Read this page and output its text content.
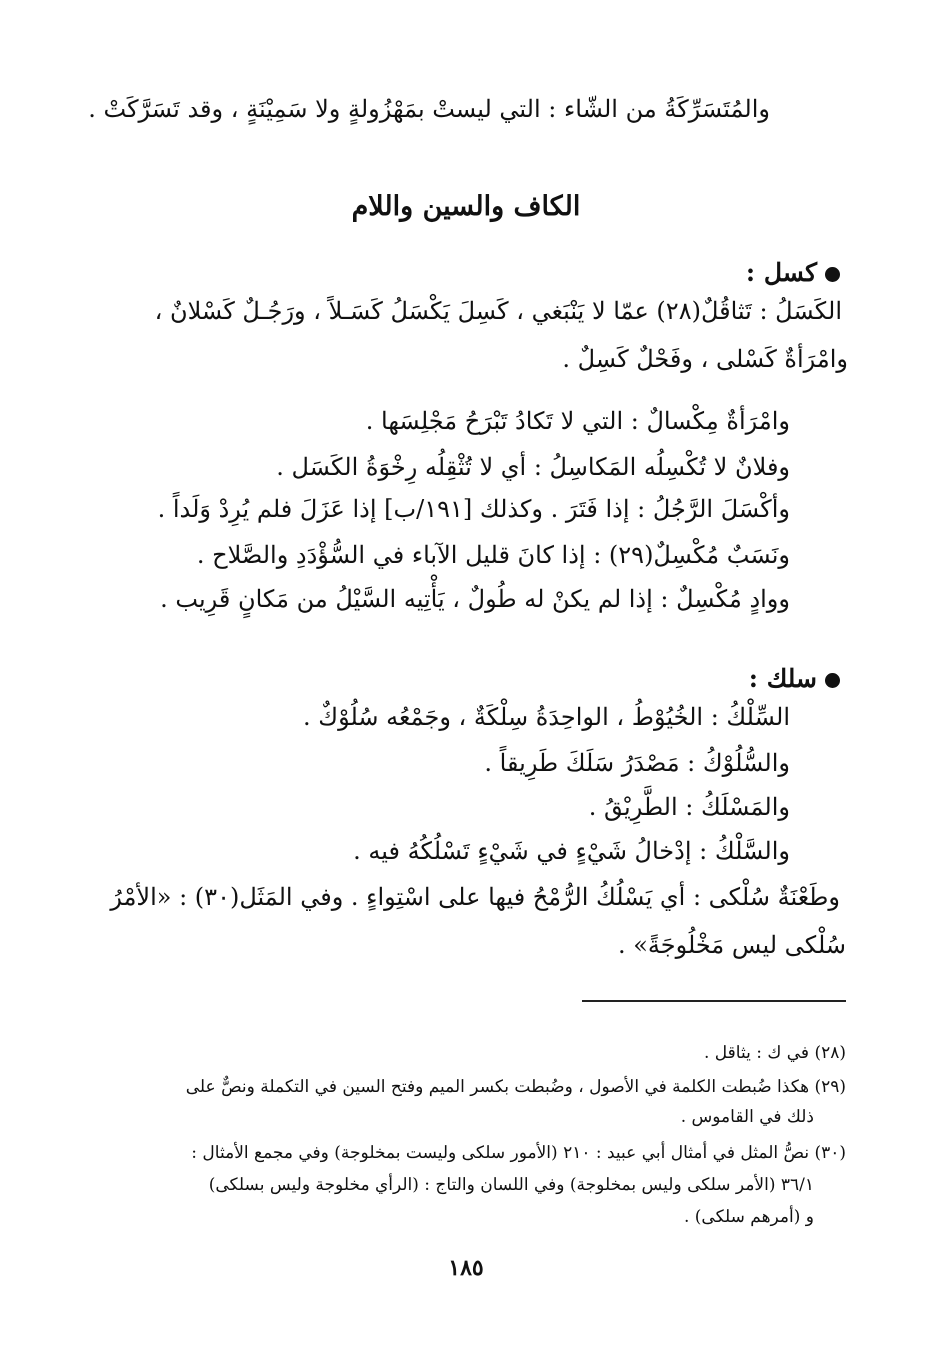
والمُتَسَرِّكَةُ من الشّاء : التي ليستْ بمَهْزُولةٍ ولا سَمِيْنَةٍ ، وقد تَسَرَّكَتْ .
الكاف والسين واللام
كسل :
الكَسَلُ : تَثاقُلٌ(٢٨) عمّا لا يَنْبَغي ، كَسِلَ يَكْسَلُ كَسَـلاً ، ورَجُـلٌ كَسْلانٌ ،
وامْرَأةٌ كَسْلى ، وفَحْلٌ كَسِلٌ .
وامْرَأةٌ مِكْسالٌ : التي لا تَكادُ تَبْرَحُ مَجْلِسَها .
وفلانٌ لا تُكْسِلُه المَكاسِلُ : أي لا تُثْقِلُه رِخْوَةُ الكَسَل .
وأكْسَلَ الرَّجُلُ : إذا فَتَرَ . وكذلك [١٩١/ب] إذا عَزَلَ فلم يُرِدْ وَلَداً .
ونَسَبٌ مُكْسِلٌ(٢٩) : إذا كانَ قليل الآباء في السُّؤْدَدِ والصَّلاح .
ووادٍ مُكْسِلٌ : إذا لم يكنْ له طُولٌ ، يَأْتِيه السَّيْلُ من مَكانٍ قَرِيب .
سلك :
السِّلْكُ : الخُيُوْطُ ، الواحِدَةُ سِلْكَةٌ ، وجَمْعُه سُلُوْكٌ .
والسُّلُوْكُ : مَصْدَرُ سَلَكَ طَرِيقاً .
والمَسْلَكُ : الطَّرِيْقُ .
والسَّلْكُ : إدْخالُ شَيْءٍ في شَيْءٍ تَسْلُكُهُ فيه .
وطَعْنَةٌ سُلْكى : أي يَسْلُكُ الرُّمْحُ فيها على اسْتِواءٍ . وفي المَثَل(٣٠) : «الأمْرُ
سُلْكى ليس مَخْلُوجَةً» .
(٢٨) في ك : يثاقل .
(٢٩) هكذا ضُبطت الكلمة في الأصول ، وضُبطت بكسر الميم وفتح السين في التكملة ونصٌّ على
ذلك في القاموس .
(٣٠) نصُّ المثل في أمثال أبي عبيد : ٢١٠ (الأمور سلكى وليست بمخلوجة) وفي مجمع الأمثال :
٣٦/١ (الأمر سلكى وليس بمخلوجة) وفي اللسان والتاج : (الرأي مخلوجة وليس بسلكى)
و (أمرهم سلكى) .
١٨٥
